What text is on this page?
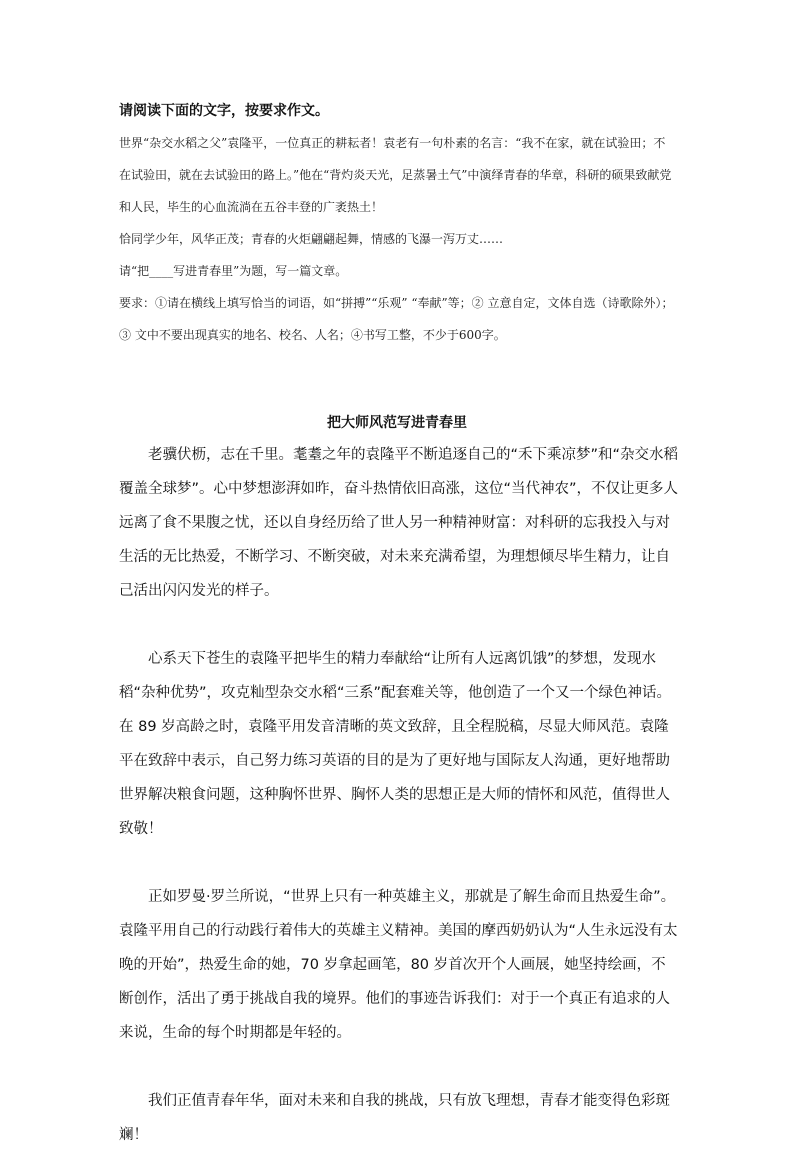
请阅读下面的文字，按要求作文。

世界“杂交水稻之父”袁隆平，一位真正的耕耘者！袁老有一句朴素的名言：“我不在家，就在试验田；不在试验田，就在去试验田的路上。”他在“背灼炎天光，足蒸暑土气”中演绎青春的华章，科研的硕果致献党和人民，毕生的心血流淌在五谷丰登的广袤热土！

恰同学少年，风华正茂；青春的火炬翩翩起舞，情感的飞瀑一泻万丈……

请“把____写进青春里”为题，写一篇文章。

要求：①请在横线上填写恰当的词语，如“拼搏”“乐观” “奉献”等；② 立意自定，文体自选（诗歌除外）；③ 文中不要出现真实的地名、校名、人名；④书写工整，不少于600字。

把大师风范写进青春里

老骥伏枥，志在千里。耄耋之年的袁隆平不断追逐自己的“禾下乘凉梦”和“杂交水稻覆盖全球梦”。心中梦想澎湃如昨，奋斗热情依旧高涨，这位“当代神农”，不仅让更多人远离了食不果腹之忧，还以自身经历给了世人另一种精神财富：对科研的忘我投入与对生活的无比热爱，不断学习、不断突破，对未来充满希望，为理想倾尽毕生精力，让自己活出闪闪发光的样子。

心系天下苍生的袁隆平把毕生的精力奉献给“让所有人远离饥饿”的梦想，发现水稻“杂种优势”，攻克籼型杂交水稻“三系”配套难关等，他创造了一个又一个绿色神话。在 89 岁高龄之时，袁隆平用发音清晰的英文致辞，且全程脱稿，尽显大师风范。袁隆平在致辞中表示，自己努力练习英语的目的是为了更好地与国际友人沟通，更好地帮助世界解决粮食问题，这种胸怀世界、胸怀人类的思想正是大师的情怀和风范，值得世人致敬！

正如罗曼·罗兰所说，“世界上只有一种英雄主义，那就是了解生命而且热爱生命”。袁隆平用自己的行动践行着伟大的英雄主义精神。美国的摩西奶奶认为“人生永远没有太晚的开始”，热爱生命的她，70 岁拿起画笔，80 岁首次开个人画展，她坚持绘画，不断创作，活出了勇于挑战自我的境界。他们的事迹告诉我们：对于一个真正有追求的人来说，生命的每个时期都是年轻的。

我们正值青春年华，面对未来和自我的挑战，只有放飞理想，青春才能变得色彩斑斓！
